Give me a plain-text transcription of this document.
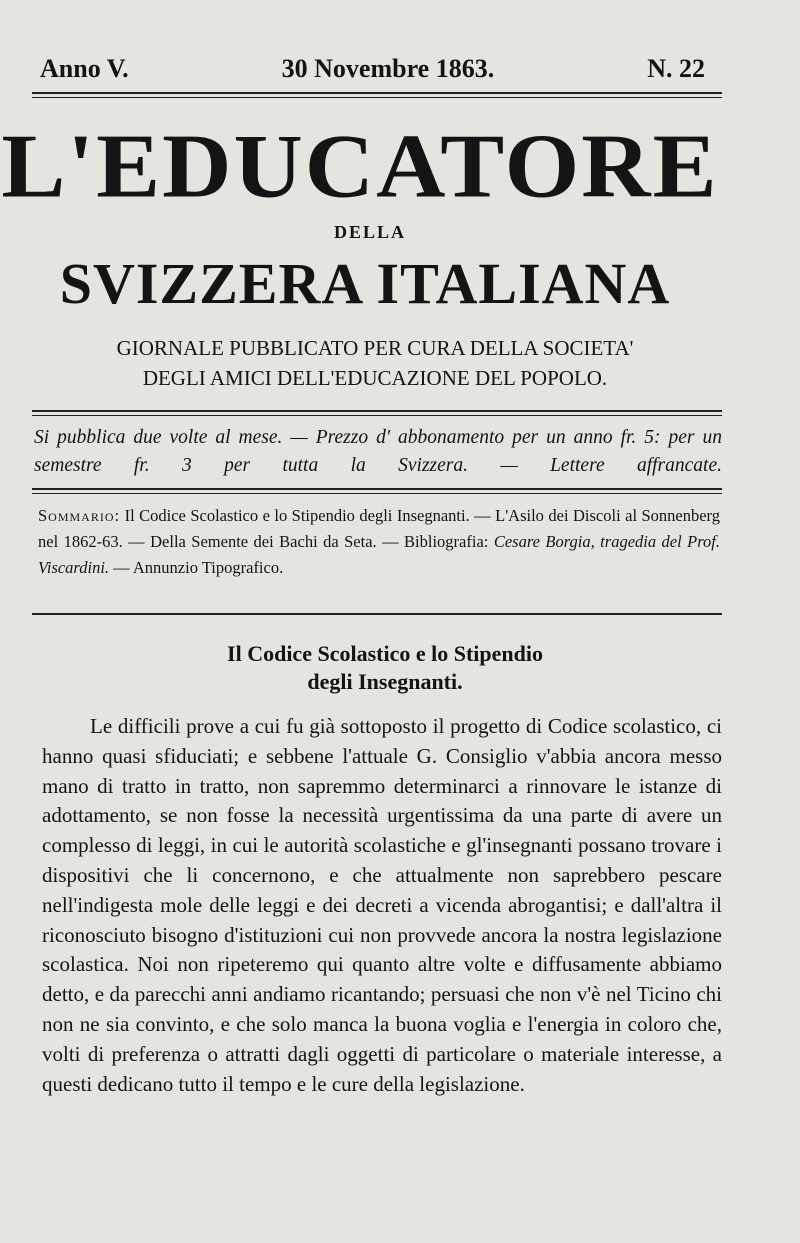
Anno V.	30 Novembre 1863.	N. 22
L'EDUCATORE
DELLA
SVIZZERA ITALIANA
GIORNALE PUBBLICATO PER CURA DELLA SOCIETA'
DEGLI AMICI DELL'EDUCAZIONE DEL POPOLO.
Si pubblica due volte al mese. — Prezzo d' abbonamento per un anno fr. 5: per un semestre fr. 3 per tutta la Svizzera. — Lettere affrancate.
Sommario: Il Codice Scolastico e lo Stipendio degli Insegnanti. — L'Asilo dei Discoli al Sonnenberg nel 1862-63. — Della Semente dei Bachi da Seta. — Bibliografia: Cesare Borgia, tragedia del Prof. Viscardini. — Annunzio Tipografico.
Il Codice Scolastico e lo Stipendio
degli Insegnanti.

Le difficili prove a cui fu già sottoposto il progetto di Codice scolastico, ci hanno quasi sfiduciati; e sebbene l'attuale G. Consiglio v'abbia ancora messo mano di tratto in tratto, non sapremmo determinarci a rinnovare le istanze di adottamento, se non fosse la necessità urgentissima da una parte di avere un complesso di leggi, in cui le autorità scolastiche e gl'insegnanti possano trovare i dispositivi che li concernono, e che attualmente non saprebbero pescare nell'indigesta mole delle leggi e dei decreti a vicenda abrogantisi; e dall'altra il riconosciuto bisogno d'istituzioni cui non provvede ancora la nostra legislazione scolastica. Noi non ripeteremo qui quanto altre volte e diffusamente abbiamo detto, e da parecchi anni andiamo ricantando; persuasi che non v'è nel Ticino chi non ne sia convinto, e che solo manca la buona voglia e l'energia in coloro che, volti di preferenza o attratti dagli oggetti di particolare o materiale interesse, a questi dedicano tutto il tempo e le cure della legislazione.
